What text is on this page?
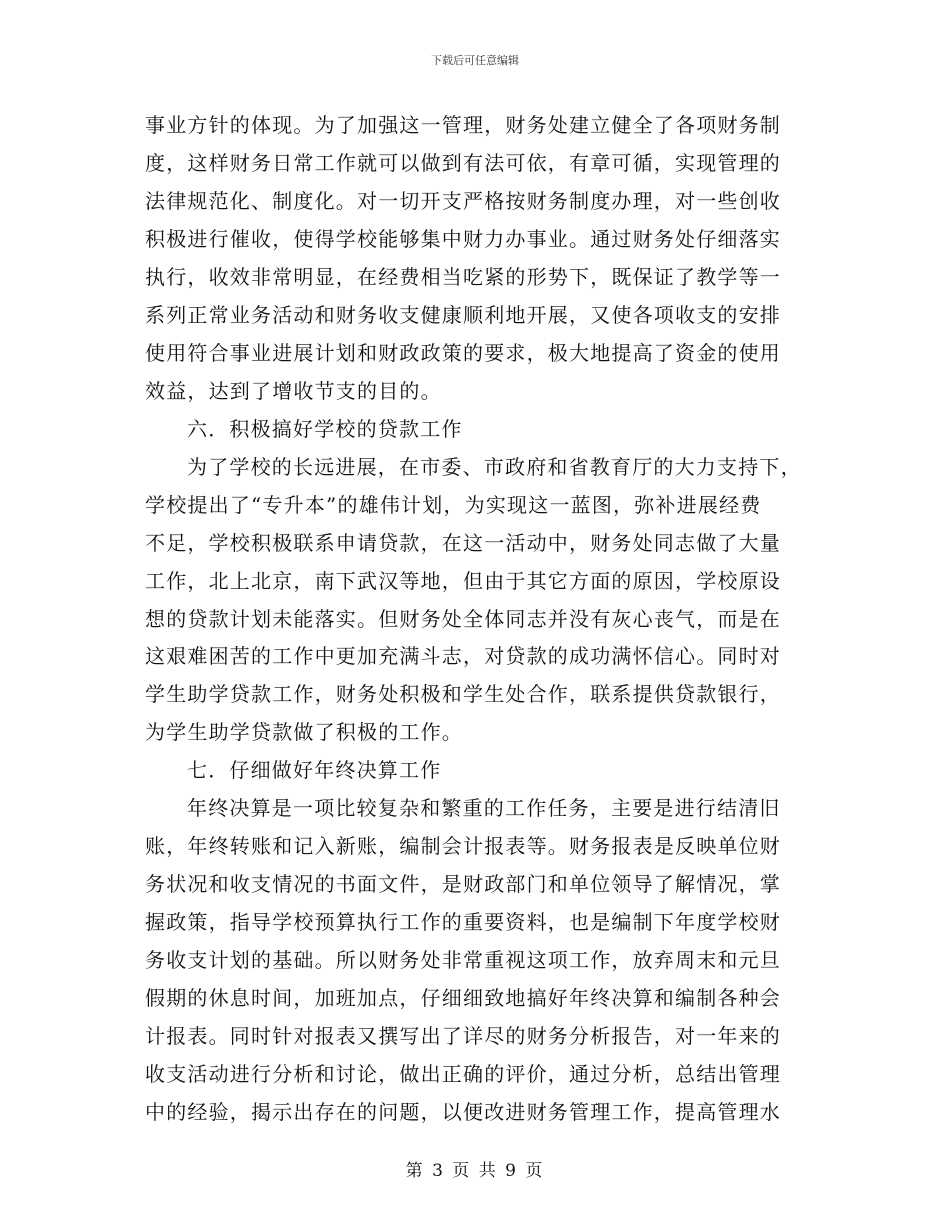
下载后可任意编辑
事业方针的体现。为了加强这一管理，财务处建立健全了各项财务制
度，这样财务日常工作就可以做到有法可依，有章可循，实现管理的
法律规范化、制度化。对一切开支严格按财务制度办理，对一些创收
积极进行催收，使得学校能够集中财力办事业。通过财务处仔细落实
执行，收效非常明显，在经费相当吃紧的形势下，既保证了教学等一
系列正常业务活动和财务收支健康顺利地开展，又使各项收支的安排
使用符合事业进展计划和财政政策的要求，极大地提高了资金的使用
效益，达到了增收节支的目的。
六．积极搞好学校的贷款工作
为了学校的长远进展，在市委、市政府和省教育厅的大力支持下，
学校提出了“专升本”的雄伟计划，为实现这一蓝图，弥补进展经费
不足，学校积极联系申请贷款，在这一活动中，财务处同志做了大量
工作，北上北京，南下武汉等地，但由于其它方面的原因，学校原设
想的贷款计划未能落实。但财务处全体同志并没有灰心丧气，而是在
这艰难困苦的工作中更加充满斗志，对贷款的成功满怀信心。同时对
学生助学贷款工作，财务处积极和学生处合作，联系提供贷款银行，
为学生助学贷款做了积极的工作。
七．仔细做好年终决算工作
年终决算是一项比较复杂和繁重的工作任务，主要是进行结清旧
账，年终转账和记入新账，编制会计报表等。财务报表是反映单位财
务状况和收支情况的书面文件，是财政部门和单位领导了解情况，掌
握政策，指导学校预算执行工作的重要资料，也是编制下年度学校财
务收支计划的基础。所以财务处非常重视这项工作，放弃周末和元旦
假期的休息时间，加班加点，仔细细致地搞好年终决算和编制各种会
计报表。同时针对报表又撰写出了详尽的财务分析报告，对一年来的
收支活动进行分析和讨论，做出正确的评价，通过分析，总结出管理
中的经验，揭示出存在的问题，以便改进财务管理工作，提高管理水
第 3 页 共 9 页
